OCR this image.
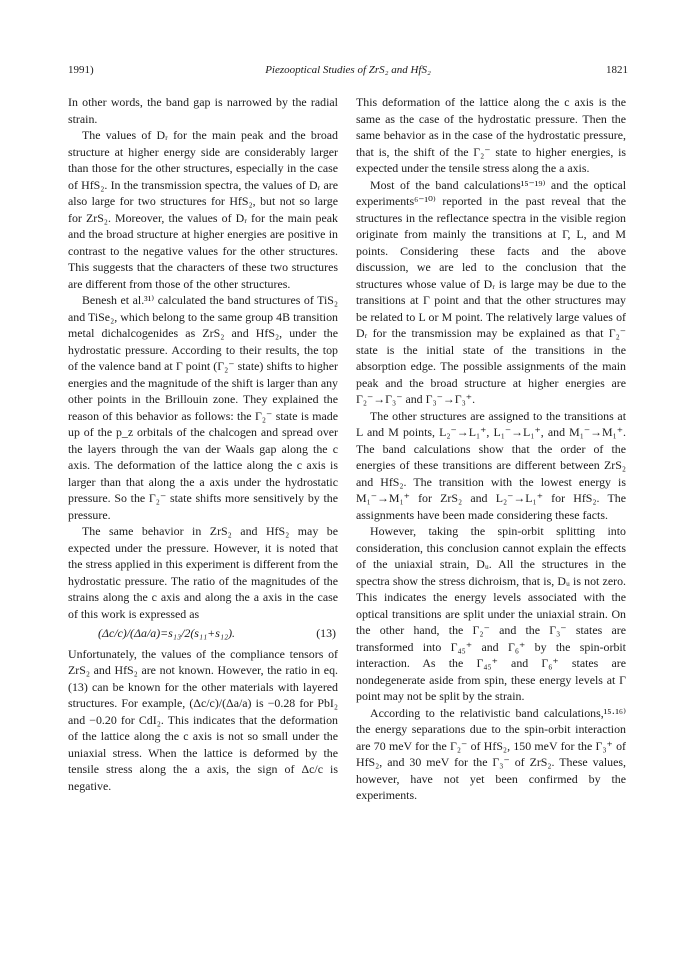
1991)	Piezooptical Studies of ZrS₂ and HfS₂	1821

In other words, the band gap is narrowed by the radial strain.

The values of Dᵣ for the main peak and the broad structure at higher energy side are considerably larger than those for the other structures, especially in the case of HfS₂. In the transmission spectra, the values of Dᵣ are also large for two structures for HfS₂, but not so large for ZrS₂. Moreover, the values of Dᵣ for the main peak and the broad structure at higher energies are positive in contrast to the negative values for the other structures. This suggests that the characters of these two structures are different from those of the other structures.

Benesh et al.³¹⁾ calculated the band structures of TiS₂ and TiSe₂, which belong to the same group 4B transition metal dichalcogenides as ZrS₂ and HfS₂, under the hydrostatic pressure. According to their results, the top of the valence band at Γ point (Γ₂⁻ state) shifts to higher energies and the magnitude of the shift is larger than any other points in the Brillouin zone. They explained the reason of this behavior as follows: the Γ₂⁻ state is made up of the p_z orbitals of the chalcogen and spread over the layers through the van der Waals gap along the c axis. The deformation of the lattice along the c axis is larger than that along the a axis under the hydrostatic pressure. So the Γ₂⁻ state shifts more sensitively by the pressure.

The same behavior in ZrS₂ and HfS₂ may be expected under the pressure. However, it is noted that the stress applied in this experiment is different from the hydrostatic pressure. The ratio of the magnitudes of the strains along the c axis and along the a axis in the case of this work is expressed as

(Δc/c)/(Δa/a)=s₁₃/2(s₁₁+s₁₂).	(13)

Unfortunately, the values of the compliance tensors of ZrS₂ and HfS₂ are not known. However, the ratio in eq. (13) can be known for the other materials with layered structures. For example, (Δc/c)/(Δa/a) is −0.28 for PbI₂ and −0.20 for CdI₂. This indicates that the deformation of the lattice along the c axis is not so small under the uniaxial stress. When the lattice is deformed by the tensile stress along the a axis, the sign of Δc/c is negative.

This deformation of the lattice along the c axis is the same as the case of the hydrostatic pressure. Then the same behavior as in the case of the hydrostatic pressure, that is, the shift of the Γ₂⁻ state to higher energies, is expected under the tensile stress along the a axis.

Most of the band calculations¹⁵⁻¹⁹⁾ and the optical experiments⁶⁻¹⁰⁾ reported in the past reveal that the structures in the reflectance spectra in the visible region originate from mainly the transitions at Γ, L, and M points. Considering these facts and the above discussion, we are led to the conclusion that the structures whose value of Dᵣ is large may be due to the transitions at Γ point and that the other structures may be related to L or M point. The relatively large values of Dᵣ for the transmission may be explained as that Γ₂⁻ state is the initial state of the transitions in the absorption edge. The possible assignments of the main peak and the broad structure at higher energies are Γ₂⁻→Γ₃⁻ and Γ₃⁻→Γ₃⁺.

The other structures are assigned to the transitions at L and M points, L₂⁻→L₁⁺, L₁⁻→L₁⁺, and M₁⁻→M₁⁺. The band calculations show that the order of the energies of these transitions are different between ZrS₂ and HfS₂. The transition with the lowest energy is M₁⁻→M₁⁺ for ZrS₂ and L₂⁻→L₁⁺ for HfS₂. The assignments have been made considering these facts.

However, taking the spin-orbit splitting into consideration, this conclusion cannot explain the effects of the uniaxial strain, Dᵤ. All the structures in the spectra show the stress dichroism, that is, Dᵤ is not zero. This indicates the energy levels associated with the optical transitions are split under the uniaxial strain. On the other hand, the Γ₂⁻ and the Γ₃⁻ states are transformed into Γ₄₅⁺ and Γ₆⁺ by the spin-orbit interaction. As the Γ₄₅⁺ and Γ₆⁺ states are nondegenerate aside from spin, these energy levels at Γ point may not be split by the strain.

According to the relativistic band calculations,¹⁵·¹⁶⁾ the energy separations due to the spin-orbit interaction are 70 meV for the Γ₂⁻ of HfS₂, 150 meV for the Γ₃⁺ of HfS₂, and 30 meV for the Γ₃⁻ of ZrS₂. These values, however, have not yet been confirmed by the experiments.
